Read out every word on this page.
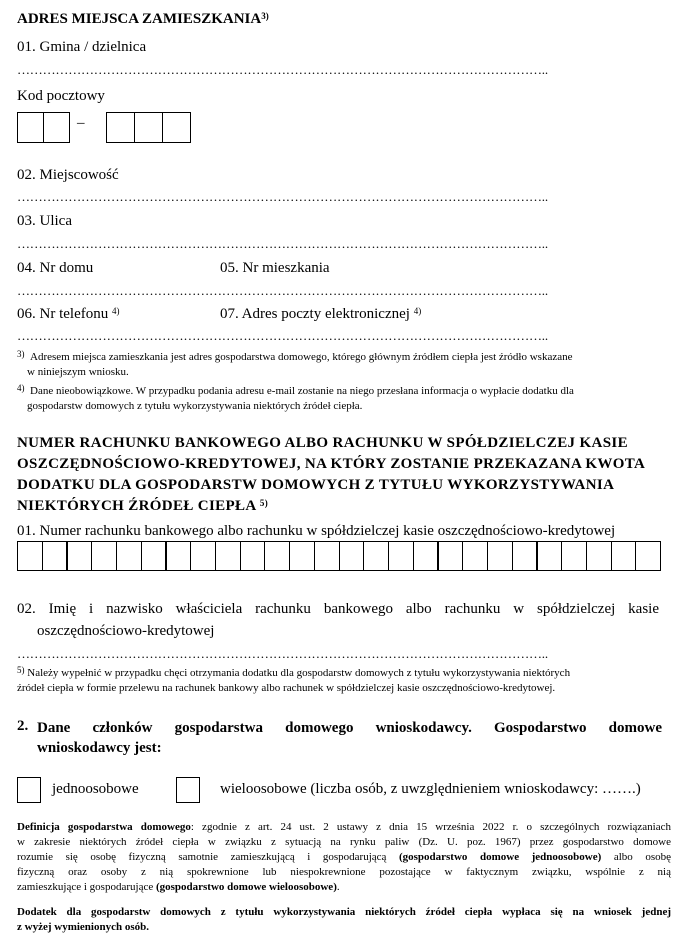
ADRES MIEJSCA ZAMIESZKANIA$^{3)}$
01. Gmina / dzielnica
……………………………………………………………………………………………………………..
Kod pocztowy
–
02. Miejscowość
……………………………………………………………………………………………………………..
03. Ulica
……………………………………………………………………………………………………………..
04. Nr domu	05. Nr mieszkania
……………………………………………………………………………………………………………..
06. Nr telefonu $^{4)}$	07. Adres poczty elektronicznej $^{4)}$
……………………………………………………………………………………………………………..
$^{3)}$ Adresem miejsca zamieszkania jest adres gospodarstwa domowego, którego głównym źródłem ciepła jest źródło wskazane
w niniejszym wniosku.
$^{4)}$ Dane nieobowiązkowe. W przypadku podania adresu e-mail zostanie na niego przesłana informacja o wypłacie dodatku dla
gospodarstw domowych z tytułu wykorzystywania niektórych źródeł ciepła.
NUMER RACHUNKU BANKOWEGO ALBO RACHUNKU W SPÓŁDZIELCZEJ KASIE
OSZCZĘDNOŚCIOWO-KREDYTOWEJ, NA KTÓRY ZOSTANIE PRZEKAZANA KWOTA
DODATKU DLA GOSPODARSTW DOMOWYCH Z TYTUŁU WYKORZYSTYWANIA
NIEKTÓRYCH ŹRÓDEŁ CIEPŁA $^{5)}$
01. Numer rachunku bankowego albo rachunku w spółdzielczej kasie oszczędnościowo-kredytowej
02. Imię i nazwisko właściciela rachunku bankowego albo rachunku w spółdzielczej kasie
oszczędnościowo-kredytowej
……………………………………………………………………………………………………………..
$^{5)}$ Należy wypełnić w przypadku chęci otrzymania dodatku dla gospodarstw domowych z tytułu wykorzystywania niektórych
źródeł ciepła w formie przelewu na rachunek bankowy albo rachunek w spółdzielczej kasie oszczędnościowo-kredytowej.
2. Dane członków gospodarstwa domowego wnioskodawcy. Gospodarstwo domowe
wnioskodawcy jest:
jednoosobowe	wieloosobowe (liczba osób, z uwzględnieniem wnioskodawcy: …….)
Definicja gospodarstwa domowego: zgodnie z art. 24 ust. 2 ustawy z dnia 15 września 2022 r. o szczególnych rozwiązaniach
w zakresie niektórych źródeł ciepła w związku z sytuacją na rynku paliw (Dz. U. poz. 1967) przez gospodarstwo domowe
rozumie się osobę fizyczną samotnie zamieszkującą i gospodarującą (gospodarstwo domowe jednoosobowe) albo osobę
fizyczną oraz osoby z nią spokrewnione lub niespokrewnione pozostające w faktycznym związku, wspólnie z nią
zamieszkujące i gospodarujące (gospodarstwo domowe wieloosobowe).
Dodatek dla gospodarstw domowych z tytułu wykorzystywania niektórych źródeł ciepła wypłaca się na wniosek jednej
z wyżej wymienionych osób.
